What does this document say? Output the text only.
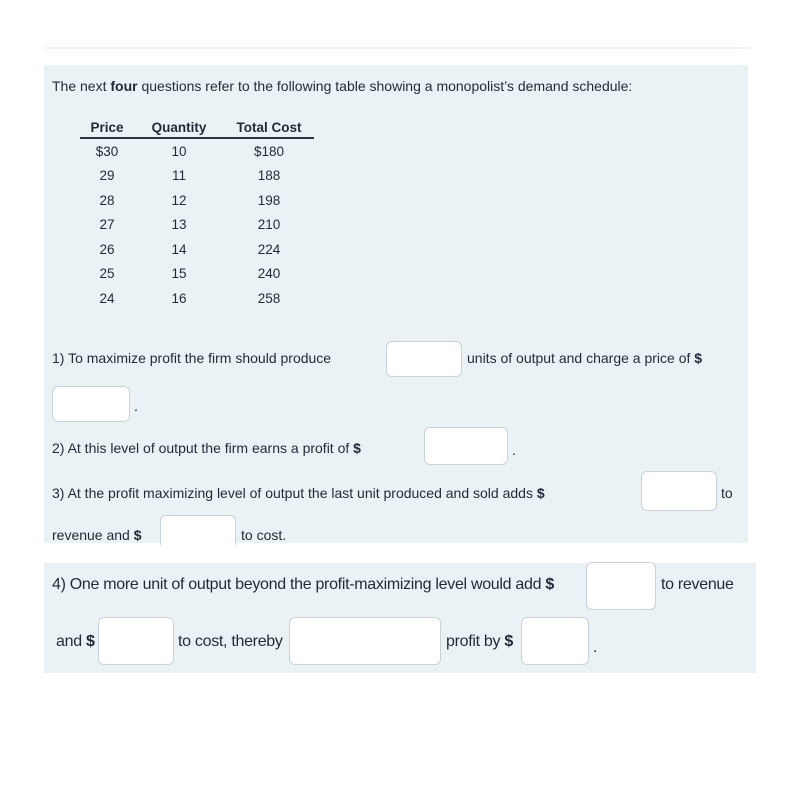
The next four questions refer to the following table showing a monopolist’s demand schedule:
Price	Quantity	Total Cost
$30	10	$180
29	11	188
28	12	198
27	13	210
26	14	224
25	15	240
24	16	258
1) To maximize profit the firm should produce	units of output and charge a price of $
.
2) At this level of output the firm earns a profit of $	.
3) At the profit maximizing level of output the last unit produced and sold adds $	to
revenue and $	to cost.
4) One more unit of output beyond the profit-maximizing level would add $	to revenue
and $	to cost, thereby	profit by $	.
